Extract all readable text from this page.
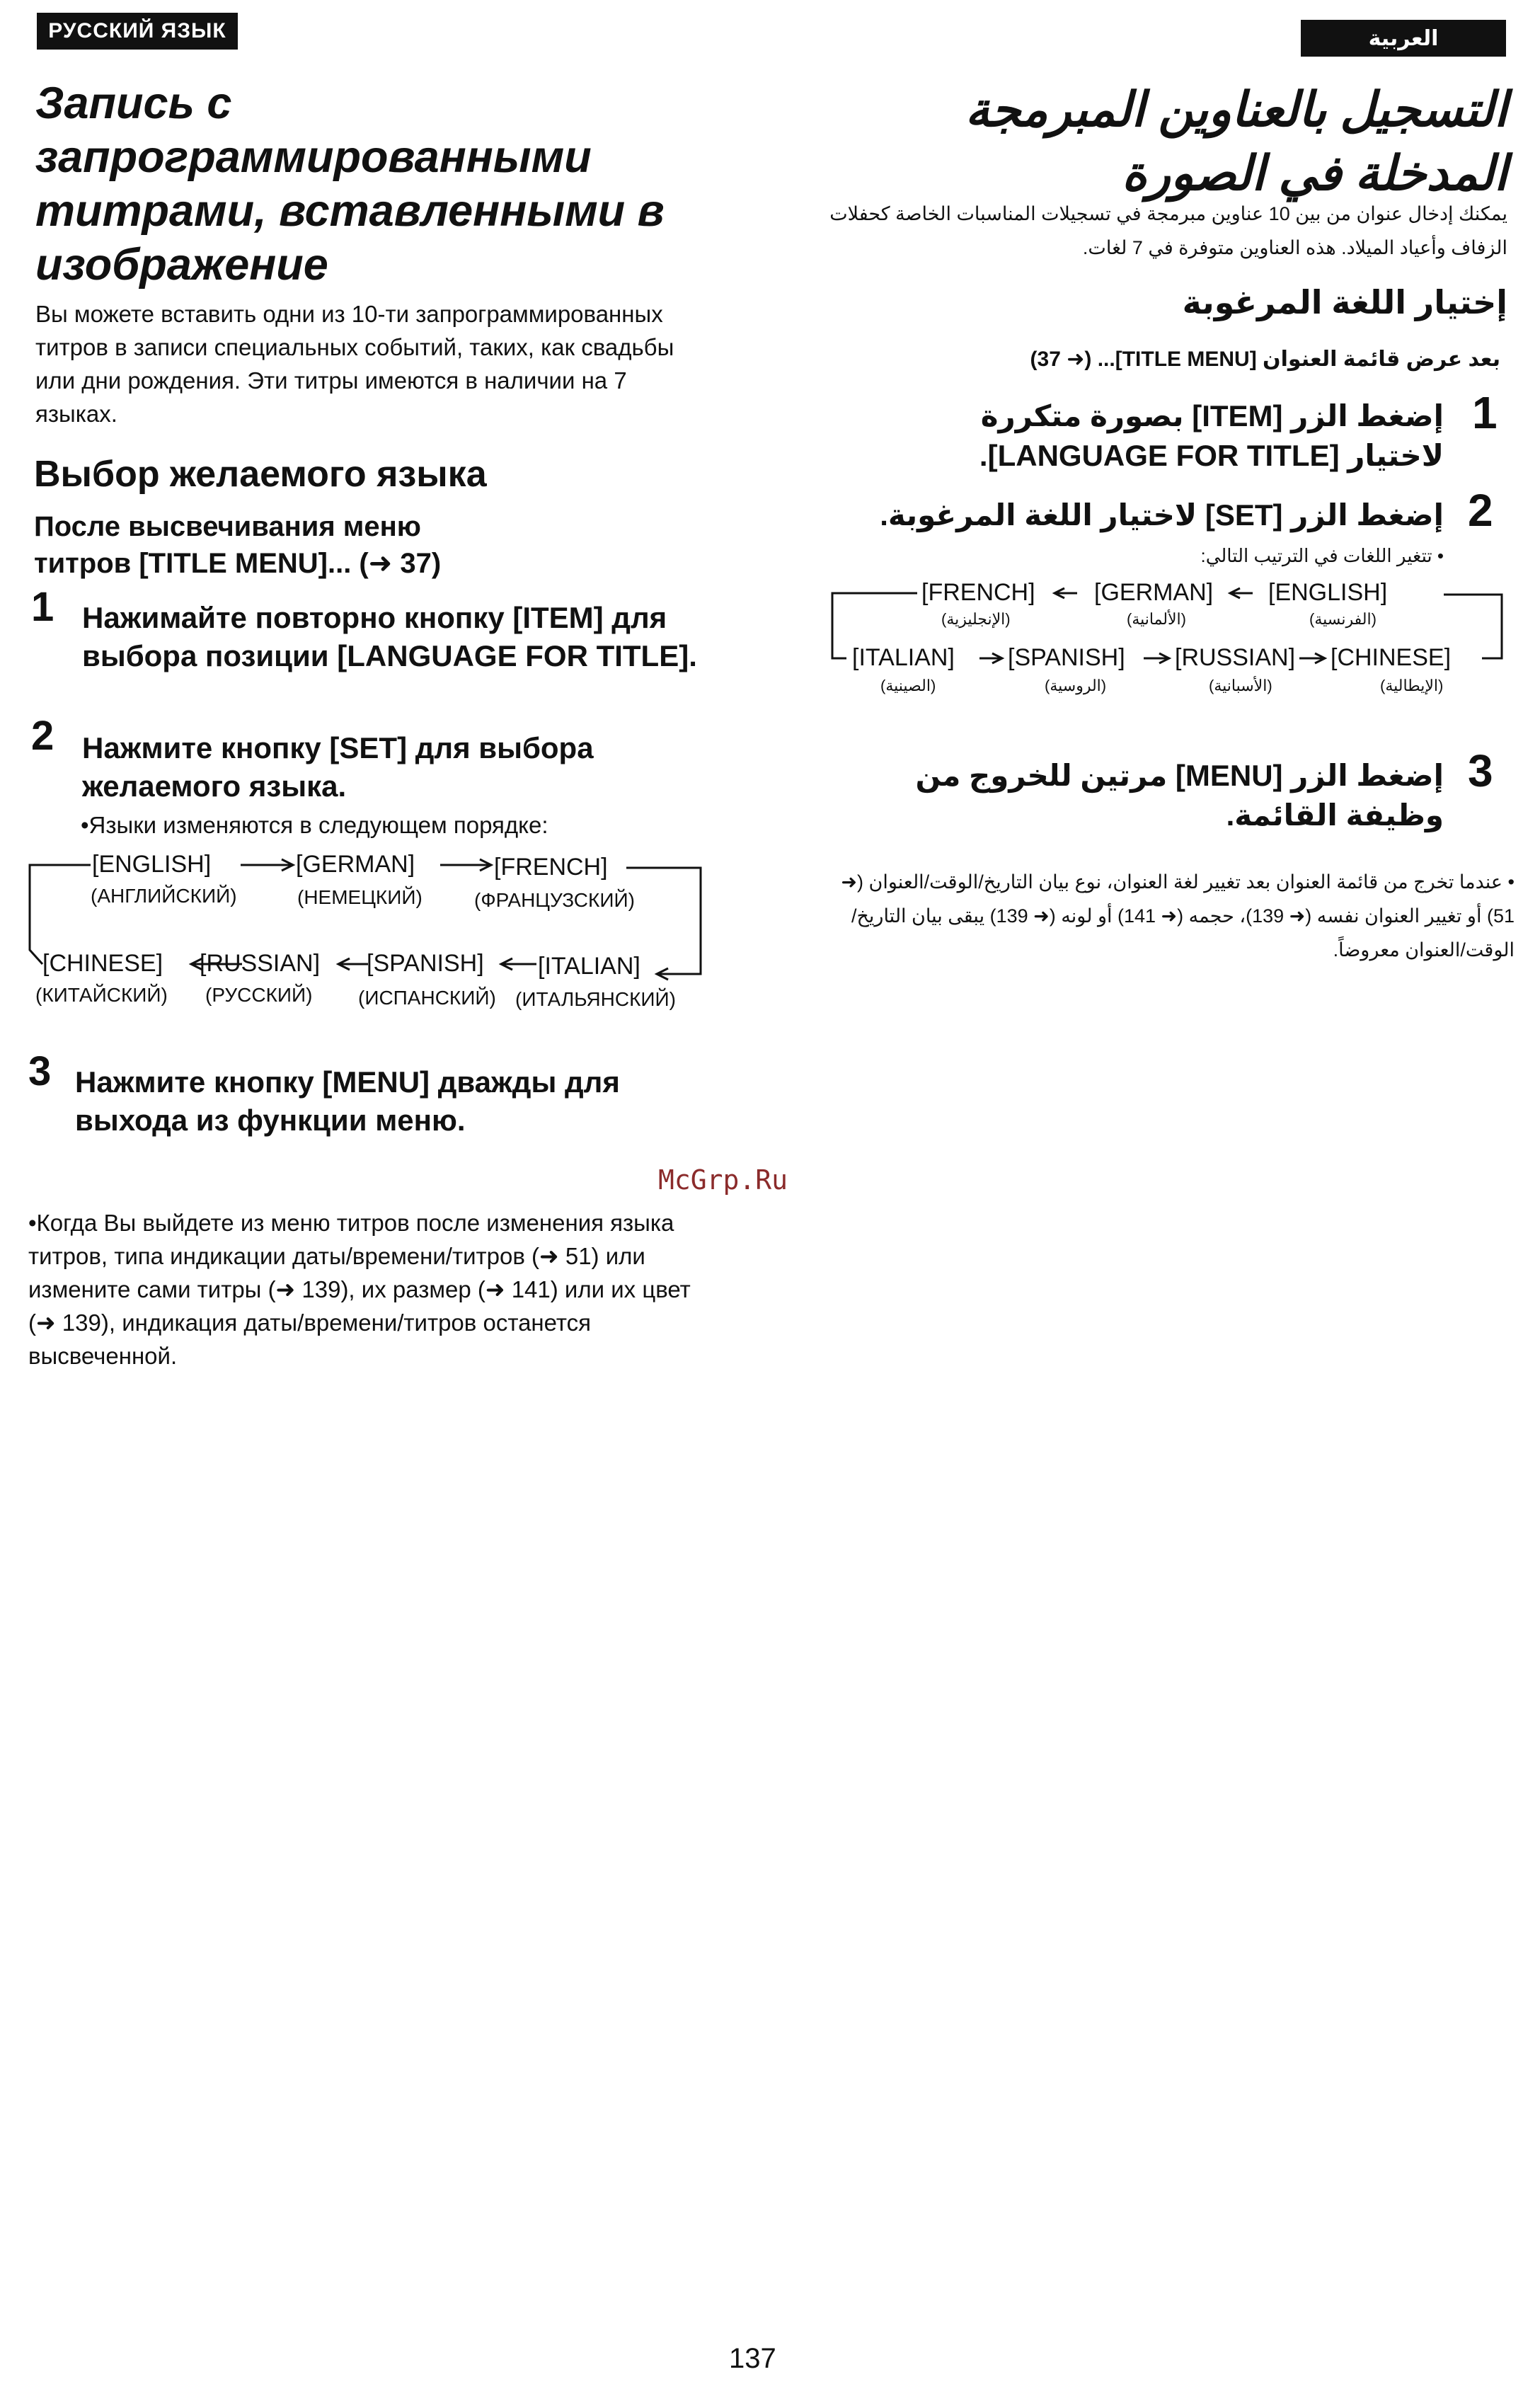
РУССКИЙ ЯЗЫК	العربية
Запись с запрограммированными титрами, вставленными в изображение
Вы можете вставить одни из 10-ти запрограммированных титров в записи специальных событий, таких, как свадьбы или дни рождения. Эти титры имеются в наличии на 7 языках.
Выбор желаемого языка
После высвечивания меню титров [TITLE MENU]... (➜ 37)
1 Нажимайте повторно кнопку [ITEM] для выбора позиции [LANGUAGE FOR TITLE].
2 Нажмите кнопку [SET] для выбора желаемого языка.
•Языки изменяются в следующем порядке:
[ENGLISH]
(АНГЛИЙСКИЙ)
[GERMAN]
(НЕМЕЦКИЙ)
[FRENCH]
(ФРАНЦУЗСКИЙ)
[CHINESE]
(КИТАЙСКИЙ)
[RUSSIAN]
(РУССКИЙ)
[SPANISH]
(ИСПАНСКИЙ)
[ITALIAN]
(ИТАЛЬЯНСКИЙ)
3 Нажмите кнопку [MENU] дважды для выхода из функции меню.
McGrp.Ru
•Когда Вы выйдете из меню титров после изменения языка титров, типа индикации даты/времени/титров (➜ 51) или измените сами титры (➜ 139), их размер (➜ 141) или их цвет (➜ 139), индикация даты/времени/титров останется высвеченной.
التسجيل بالعناوين المبرمجة المدخلة في الصورة
يمكنك إدخال عنوان من بين 10 عناوين مبرمجة في تسجيلات المناسبات الخاصة كحفلات الزفاف وأعياد الميلاد. هذه العناوين متوفرة في 7 لغات.
إختيار اللغة المرغوبة
بعد عرض قائمة العنوان [TITLE MENU]... (➜ 37)
1
إضغط الزر [ITEM] بصورة متكررة لاختيار [LANGUAGE FOR TITLE].
2
إضغط الزر [SET] لاختيار اللغة المرغوبة.
• تتغير اللغات في الترتيب التالي:
[FRENCH]
(الإنجليزية)
[GERMAN]
(الألمانية)
[ENGLISH]
(الفرنسية)
[ITALIAN]
(الصينية)
[SPANISH]
(الروسية)
[RUSSIAN]
(الأسبانية)
[CHINESE]
(الإيطالية)
3
إضغط الزر [MENU] مرتين للخروج من وظيفة القائمة.
• عندما تخرج من قائمة العنوان بعد تغيير لغة العنوان، نوع بيان التاريخ/الوقت/العنوان (➜ 51) أو تغيير العنوان نفسه (➜ 139)، حجمه (➜ 141) أو لونه (➜ 139) يبقى بيان التاريخ/الوقت/العنوان معروضاً.
137
